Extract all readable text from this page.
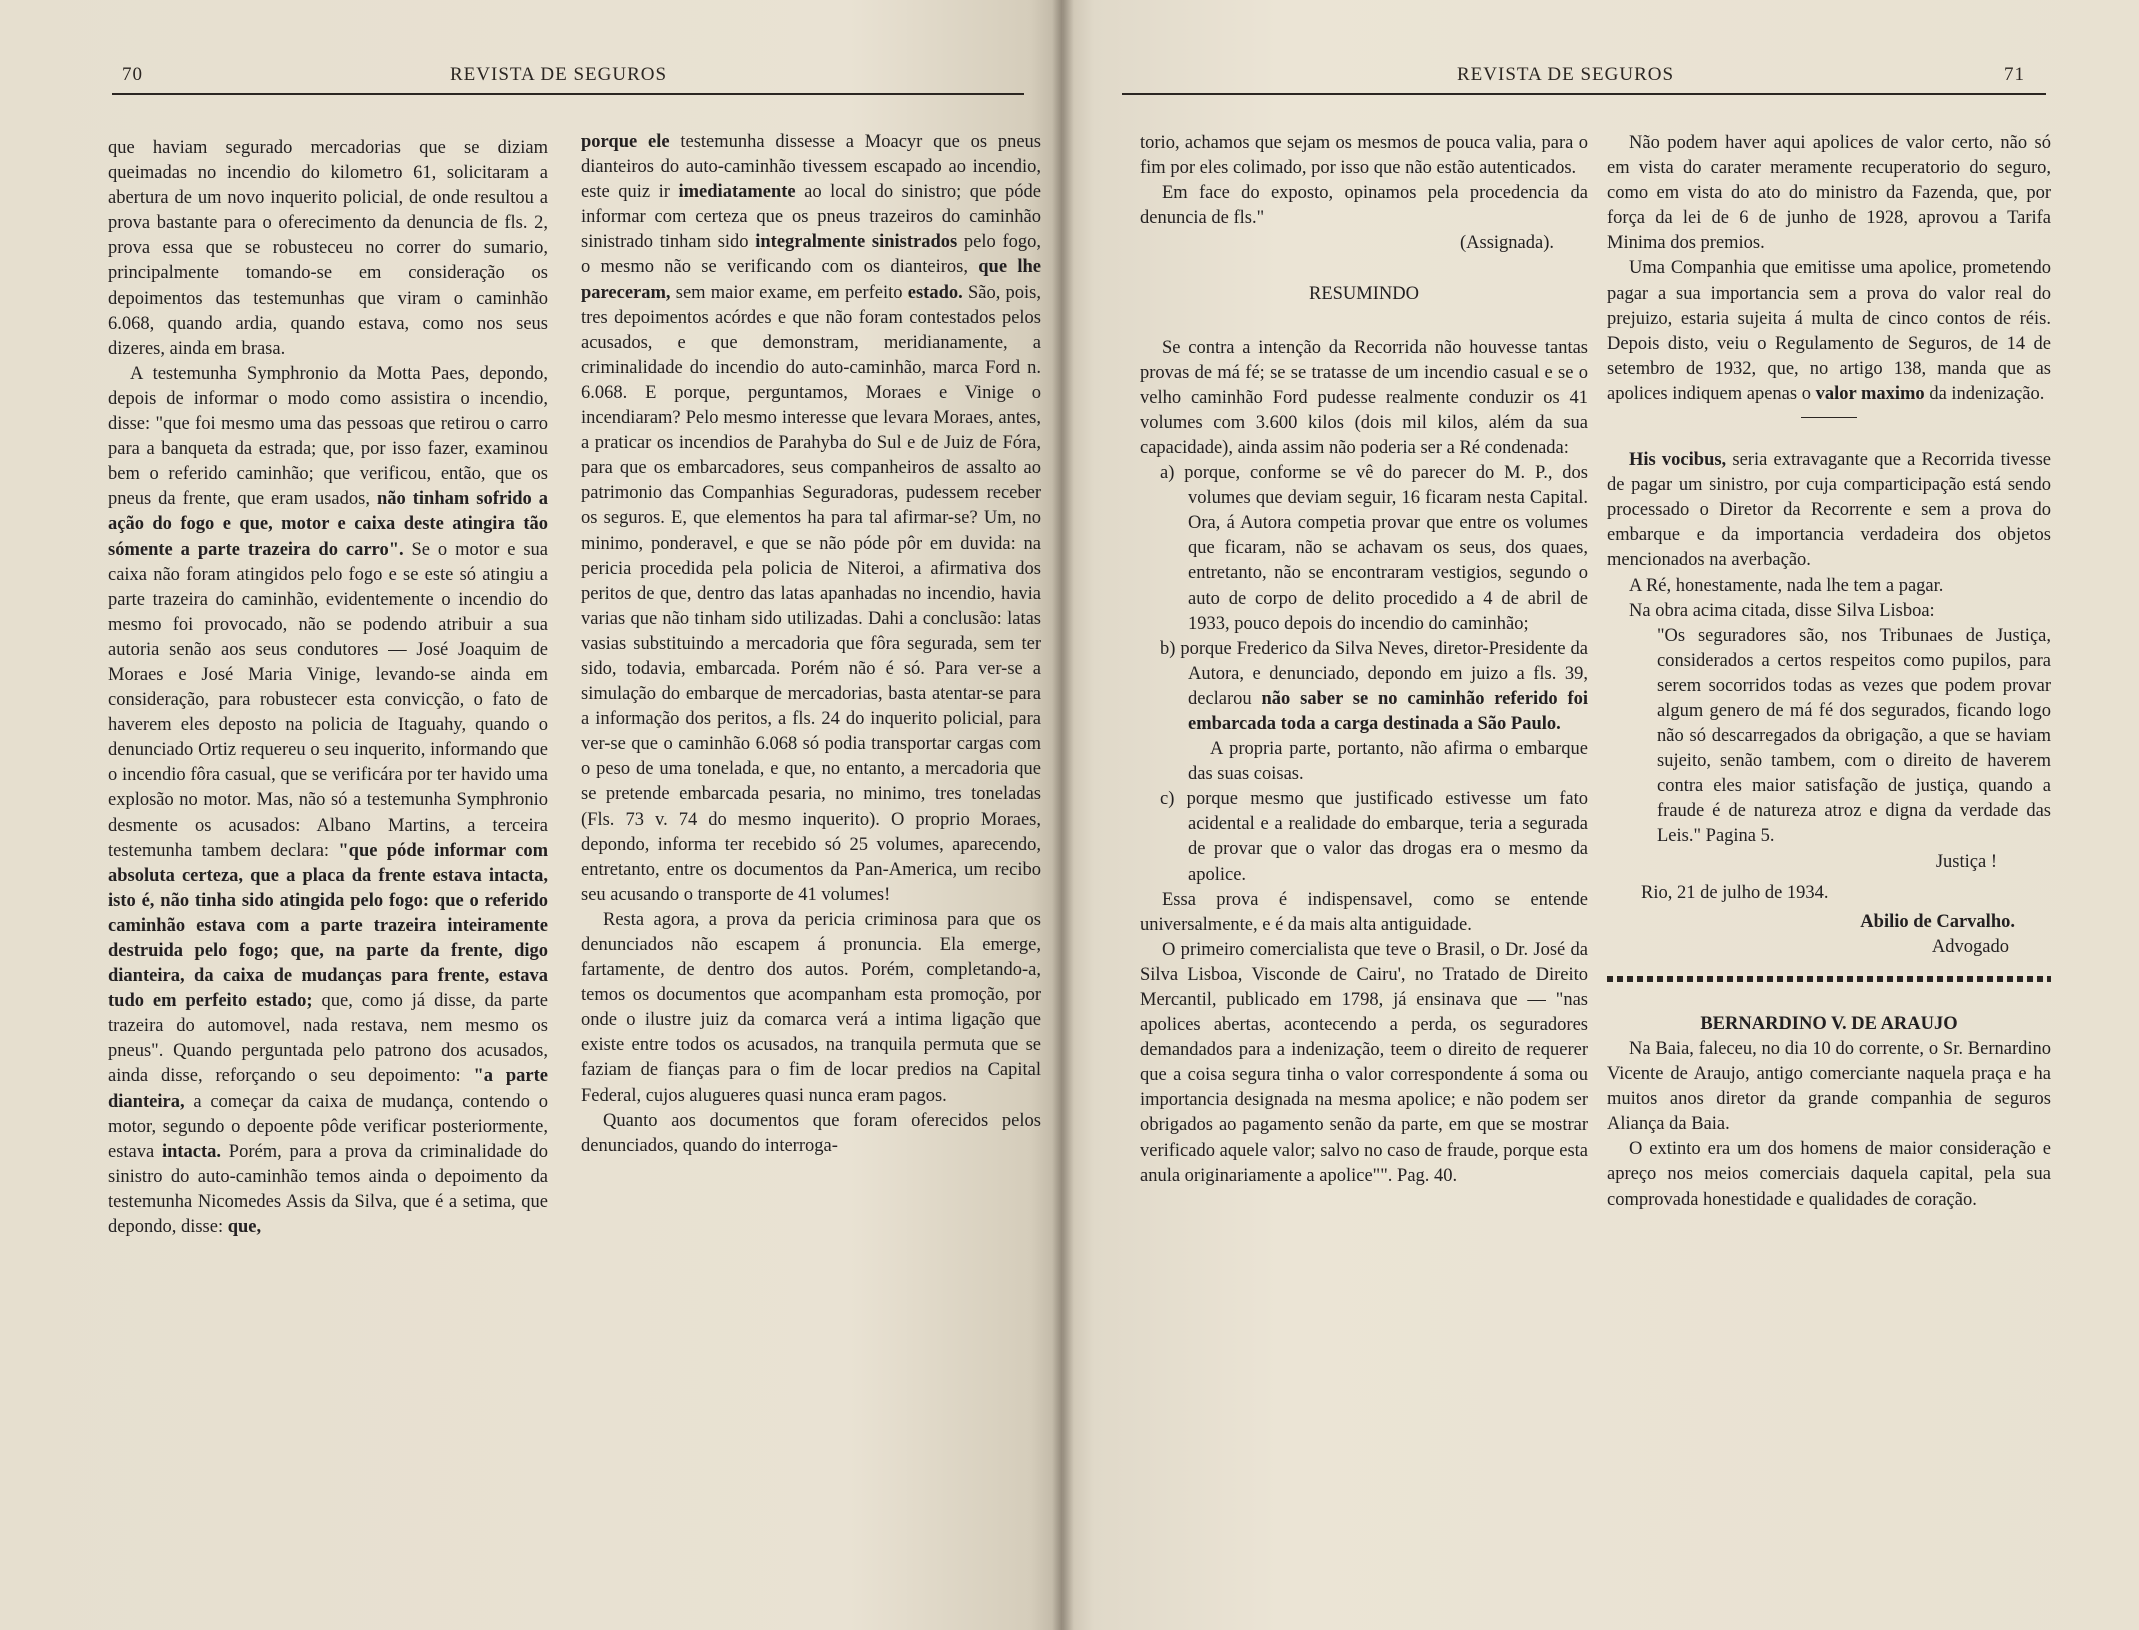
70	REVISTA DE SEGUROS	REVISTA DE SEGUROS	71

que haviam segurado mercadorias que se diziam queimadas no incendio do kilometro 61, solicitaram a abertura de um novo inquerito policial, de onde resultou a prova bastante para o oferecimento da denuncia de fls. 2, prova essa que se robusteceu no correr do sumario, principalmente tomando-se em consideração os depoimentos das testemunhas que viram o caminhão 6.068, quando ardia, quando estava, como nos seus dizeres, ainda em brasa.

A testemunha Symphronio da Motta Paes, depondo, depois de informar o modo como assistira o incendio, disse: "que foi mesmo uma das pessoas que retirou o carro para a banqueta da estrada; que, por isso fazer, examinou bem o referido caminhão; que verificou, então, que os pneus da frente, que eram usados, não tinham sofrido a ação do fogo e que, motor e caixa deste atingira tão sómente a parte trazeira do carro". Se o motor e sua caixa não foram atingidos pelo fogo e se este só atingiu a parte trazeira do caminhão, evidentemente o incendio do mesmo foi provocado, não se podendo atribuir a sua autoria senão aos seus condutores — José Joaquim de Moraes e José Maria Vinige, levando-se ainda em consideração, para robustecer esta convicção, o fato de haverem eles deposto na policia de Itaguahy, quando o denunciado Ortiz requereu o seu inquerito, informando que o incendio fôra casual, que se verificára por ter havido uma explosão no motor. Mas, não só a testemunha Symphronio desmente os acusados: Albano Martins, a terceira testemunha tambem declara: "que póde informar com absoluta certeza, que a placa da frente estava intacta, isto é, não tinha sido atingida pelo fogo: que o referido caminhão estava com a parte trazeira inteiramente destruida pelo fogo; que, na parte da frente, digo dianteira, da caixa de mudanças para frente, estava tudo em perfeito estado; que, como já disse, da parte trazeira do automovel, nada restava, nem mesmo os pneus". Quando perguntada pelo patrono dos acusados, ainda disse, reforçando o seu depoimento: "a parte dianteira, a começar da caixa de mudança, contendo o motor, segundo o depoente pôde verificar posteriormente, estava intacta. Porém, para a prova da criminalidade do sinistro do auto-caminhão temos ainda o depoimento da testemunha Nicomedes Assis da Silva, que é a setima, que depondo, disse: que,

porque ele testemunha dissesse a Moacyr que os pneus dianteiros do auto-caminhão tivessem escapado ao incendio, este quiz ir imediatamente ao local do sinistro; que póde informar com certeza que os pneus trazeiros do caminhão sinistrado tinham sido integralmente sinistrados pelo fogo, o mesmo não se verificando com os dianteiros, que lhe pareceram, sem maior exame, em perfeito estado. São, pois, tres depoimentos acórdes e que não foram contestados pelos acusados, e que demonstram, meridianamente, a criminalidade do incendio do auto-caminhão, marca Ford n. 6.068. E porque, perguntamos, Moraes e Vinige o incendiaram? Pelo mesmo interesse que levara Moraes, antes, a praticar os incendios de Parahyba do Sul e de Juiz de Fóra, para que os embarcadores, seus companheiros de assalto ao patrimonio das Companhias Seguradoras, pudessem receber os seguros. E, que elementos ha para tal afirmar-se? Um, no minimo, ponderavel, e que se não póde pôr em duvida: na pericia procedida pela policia de Niteroi, a afirmativa dos peritos de que, dentro das latas apanhadas no incendio, havia varias que não tinham sido utilizadas. Dahi a conclusão: latas vasias substituindo a mercadoria que fôra segurada, sem ter sido, todavia, embarcada. Porém não é só. Para ver-se a simulação do embarque de mercadorias, basta atentar-se para a informação dos peritos, a fls. 24 do inquerito policial, para ver-se que o caminhão 6.068 só podia transportar cargas com o peso de uma tonelada, e que, no entanto, a mercadoria que se pretende embarcada pesaria, no minimo, tres toneladas (Fls. 73 v. 74 do mesmo inquerito). O proprio Moraes, depondo, informa ter recebido só 25 volumes, aparecendo, entretanto, entre os documentos da Pan-America, um recibo seu acusando o transporte de 41 volumes!

Resta agora, a prova da pericia criminosa para que os denunciados não escapem á pronuncia. Ela emerge, fartamente, de dentro dos autos. Porém, completando-a, temos os documentos que acompanham esta promoção, por onde o ilustre juiz da comarca verá a intima ligação que existe entre todos os acusados, na tranquila permuta que se faziam de fianças para o fim de locar predios na Capital Federal, cujos alugueres quasi nunca eram pagos.

Quanto aos documentos que foram oferecidos pelos denunciados, quando do interroga-

torio, achamos que sejam os mesmos de pouca valia, para o fim por eles colimado, por isso que não estão autenticados.

Em face do exposto, opinamos pela procedencia da denuncia de fls."

(Assignada).

RESUMINDO

Se contra a intenção da Recorrida não houvesse tantas provas de má fé; se se tratasse de um incendio casual e se o velho caminhão Ford pudesse realmente conduzir os 41 volumes com 3.600 kilos (dois mil kilos, além da sua capacidade), ainda assim não poderia ser a Ré condenada:

a) porque, conforme se vê do parecer do M. P., dos volumes que deviam seguir, 16 ficaram nesta Capital. Ora, á Autora competia provar que entre os volumes que ficaram, não se achavam os seus, dos quaes, entretanto, não se encontraram vestigios, segundo o auto de corpo de delito procedido a 4 de abril de 1933, pouco depois do incendio do caminhão;

b) porque Frederico da Silva Neves, diretor-Presidente da Autora, e denunciado, depondo em juizo a fls. 39, declarou não saber se no caminhão referido foi embarcada toda a carga destinada a São Paulo.

A propria parte, portanto, não afirma o embarque das suas coisas.

c) porque mesmo que justificado estivesse um fato acidental e a realidade do embarque, teria a segurada de provar que o valor das drogas era o mesmo da apolice.

Essa prova é indispensavel, como se entende universalmente, e é da mais alta antiguidade.

O primeiro comercialista que teve o Brasil, o Dr. José da Silva Lisboa, Visconde de Cairu', no Tratado de Direito Mercantil, publicado em 1798, já ensinava que — "nas apolices abertas, acontecendo a perda, os seguradores demandados para a indenização, teem o direito de requerer que a coisa segura tinha o valor correspondente á soma ou importancia designada na mesma apolice; e não podem ser obrigados ao pagamento senão da parte, em que se mostrar verificado aquele valor; salvo no caso de fraude, porque esta anula originariamente a apolice"". Pag. 40.

Não podem haver aqui apolices de valor certo, não só em vista do carater meramente recuperatorio do seguro, como em vista do ato do ministro da Fazenda, que, por força da lei de 6 de junho de 1928, aprovou a Tarifa Minima dos premios.

Uma Companhia que emitisse uma apolice, prometendo pagar a sua importancia sem a prova do valor real do prejuizo, estaria sujeita á multa de cinco contos de réis. Depois disto, veiu o Regulamento de Seguros, de 14 de setembro de 1932, que, no artigo 138, manda que as apolices indiquem apenas o valor maximo da indenização.

His vocibus, seria extravagante que a Recorrida tivesse de pagar um sinistro, por cuja comparticipação está sendo processado o Diretor da Recorrente e sem a prova do embarque e da importancia verdadeira dos objetos mencionados na averbação.

A Ré, honestamente, nada lhe tem a pagar.

Na obra acima citada, disse Silva Lisboa:

"Os seguradores são, nos Tribunaes de Justiça, considerados a certos respeitos como pupilos, para serem socorridos todas as vezes que podem provar algum genero de má fé dos segurados, ficando logo não só descarregados da obrigação, a que se haviam sujeito, senão tambem, com o direito de haverem contra eles maior satisfação de justiça, quando a fraude é de natureza atroz e digna da verdade das Leis." Pagina 5.

Justiça !

Rio, 21 de julho de 1934.

Abilio de Carvalho.

Advogado

BERNARDINO V. DE ARAUJO

Na Baia, faleceu, no dia 10 do corrente, o Sr. Bernardino Vicente de Araujo, antigo comerciante naquela praça e ha muitos anos diretor da grande companhia de seguros Aliança da Baia.

O extinto era um dos homens de maior consideração e apreço nos meios comerciais daquela capital, pela sua comprovada honestidade e qualidades de coração.
